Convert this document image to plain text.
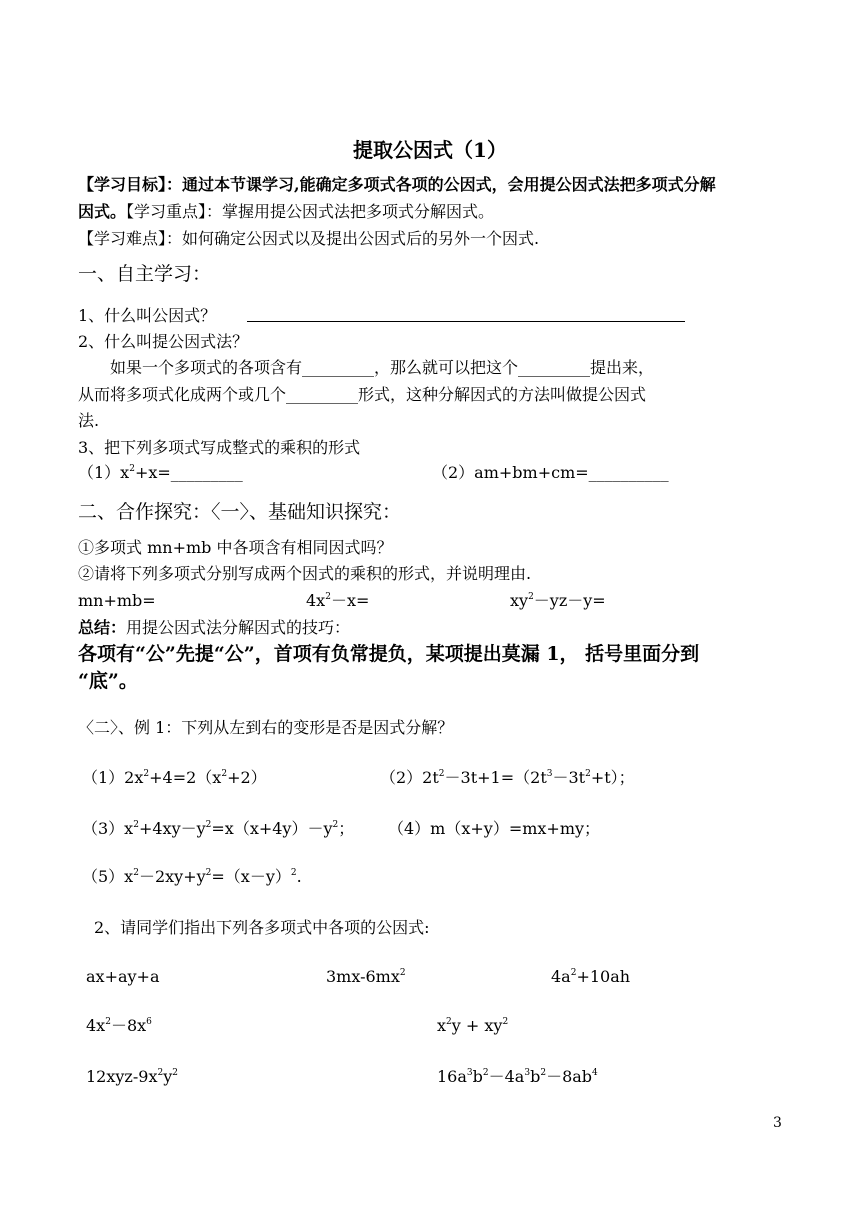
提取公因式（1）
【学习目标】：通过本节课学习,能确定多项式各项的公因式，会用提公因式法把多项式分解
因式。【学习重点】：掌握用提公因式法把多项式分解因式。
【学习难点】：如何确定公因式以及提出公因式后的另外一个因式.
一、自主学习：
1、什么叫公因式？
2、什么叫提公因式法？
如果一个多项式的各项含有_________，那么就可以把这个_________提出来，
从而将多项式化成两个或几个_________形式，这种分解因式的方法叫做提公因式
法.
3、把下列多项式写成整式的乘积的形式
$(1)x^2+x=\_\_\_\_\_\_\_\_\_$	（2）am+bm+cm=__________
二、合作探究：〈一〉、基础知识探究：
①多项式 mn+mb 中各项含有相同因式吗？
②请将下列多项式分别写成两个因式的乘积的形式，并说明理由.
mn+mb=	$4x^2-x=$	$xy^2-yz-y=$
总结：用提公因式法分解因式的技巧：
各项有“公”先提“公”，首项有负常提负，某项提出莫漏 1， 括号里面分到
“底”。
〈二〉、例 1：下列从左到右的变形是否是因式分解？
$(1)2x^2+4=2(x^2+2)$	$(2)2t^2-3t+1=(2t^3-3t^2+t)$；
$(3)x^2+4xy-y^2=x(x+4y)-y^2$； （4）m（x+y）=mx+my；
$(5)x^2-2xy+y^2=(x-y)^2$.
2、请同学们指出下列各多项式中各项的公因式:
ax+ay+a	$3mx-6mx^2$	$4a^2+10ah$
$4x^2-8x^6$	$x^2y + xy^2$
$12xyz-9x^2y^2$	$16a^3b^2-4a^3b^2-8ab^4$
3
